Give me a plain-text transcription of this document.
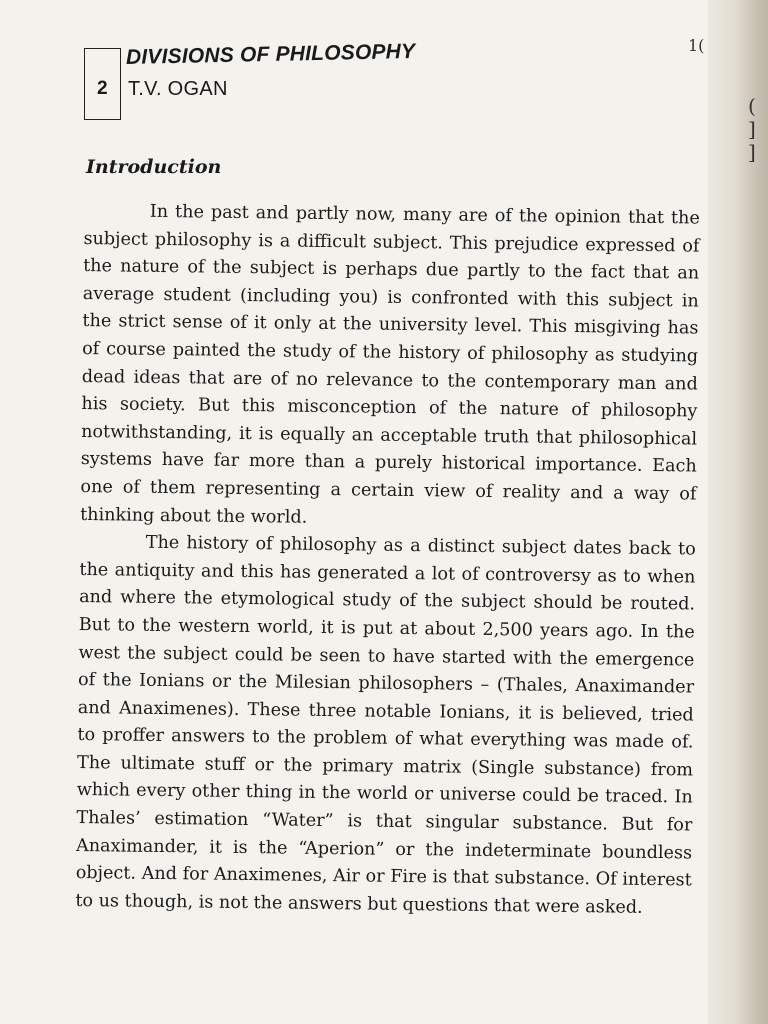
(
]
]
1(
2
DIVISIONS OF PHILOSOPHY
T.V. OGAN
Introduction

In the past and partly now, many are of the opinion that the subject philosophy is a difficult subject. This prejudice expressed of the nature of the subject is perhaps due partly to the fact that an average student (including you) is confronted with this subject in the strict sense of it only at the university level. This misgiving has of course painted the study of the history of philosophy as studying dead ideas that are of no relevance to the contemporary man and his society. But this misconception of the nature of philosophy notwithstanding, it is equally an acceptable truth that philosophical systems have far more than a purely historical importance. Each one of them representing a certain view of reality and a way of thinking about the world.

The history of philosophy as a distinct subject dates back to the antiquity and this has generated a lot of controversy as to when and where the etymological study of the subject should be routed. But to the western world, it is put at about 2,500 years ago. In the west the subject could be seen to have started with the emergence of the Ionians or the Milesian philosophers – (Thales, Anaximander and Anaximenes). These three notable Ionians, it is believed, tried to proffer answers to the problem of what everything was made of. The ultimate stuff or the primary matrix (Single substance) from which every other thing in the world or universe could be traced. In Thales’ estimation “Water” is that singular substance. But for Anaximander, it is the “Aperion” or the indeterminate boundless object. And for Anaximenes, Air or Fire is that substance. Of interest to us though, is not the answers but questions that were asked.
